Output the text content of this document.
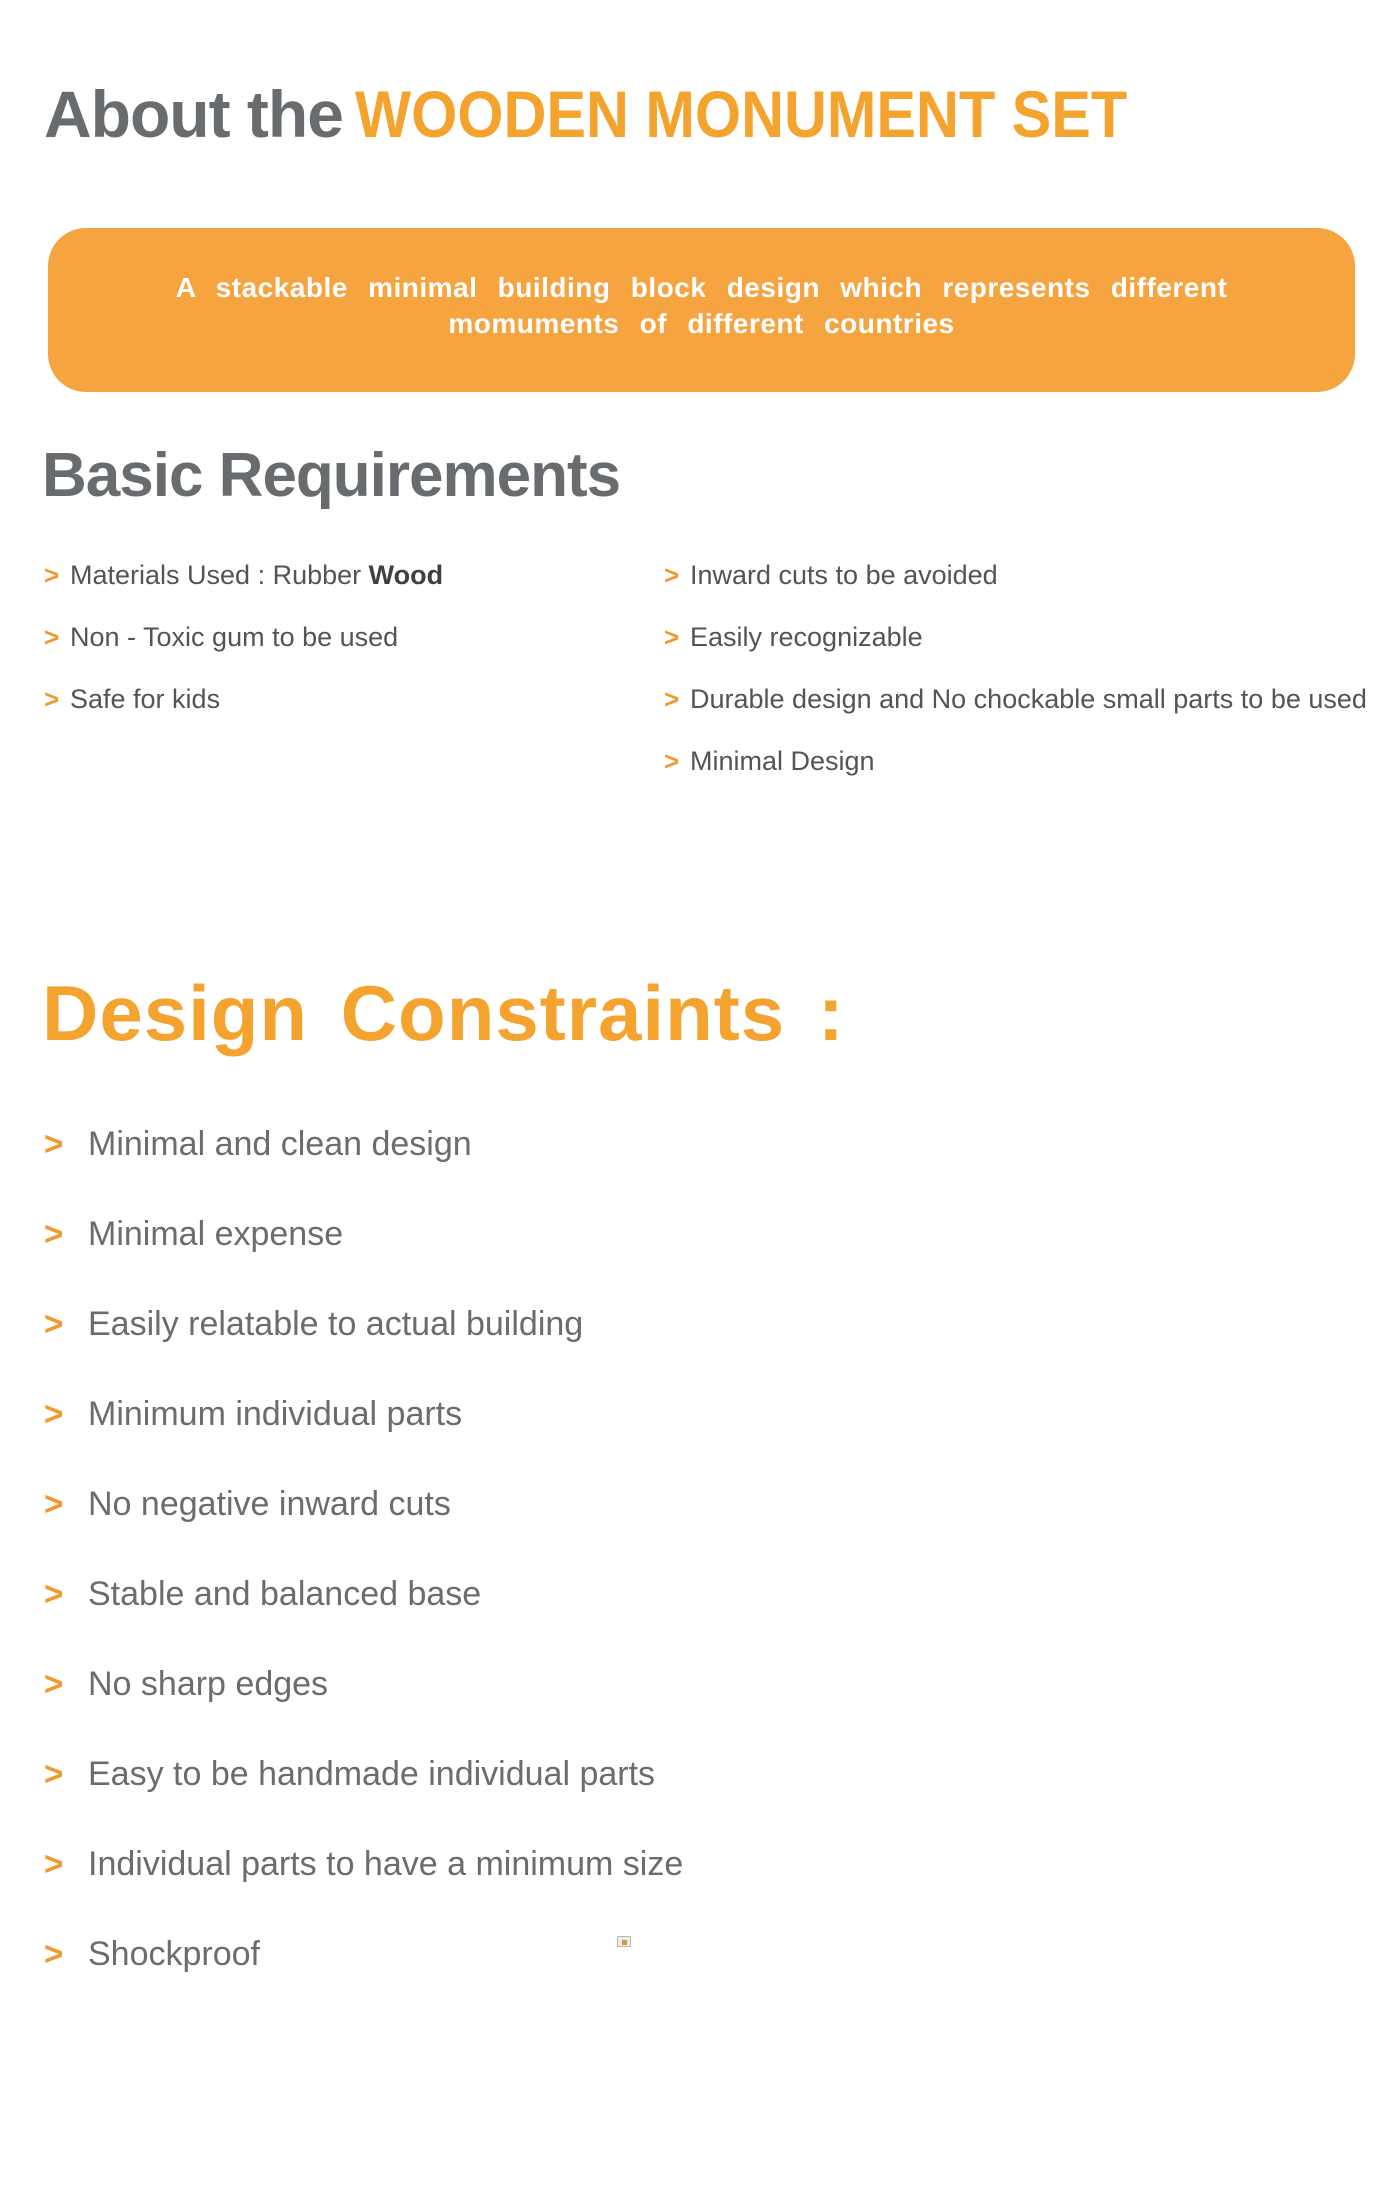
About the WOODEN MONUMENT SET

A stackable minimal building block design which represents different
momuments of different countries

Basic Requirements
> Materials Used : Rubber Wood
> Non - Toxic gum to be used
> Safe for kids
> Inward cuts to be avoided
> Easily recognizable
> Durable design and No chockable small parts to be used
> Minimal Design
Design Constraints :
> Minimal and clean design
> Minimal expense
> Easily relatable to actual building
> Minimum individual parts
> No negative inward cuts
> Stable and balanced base
> No sharp edges
> Easy to be handmade individual parts
> Individual parts to have a minimum size
> Shockproof
